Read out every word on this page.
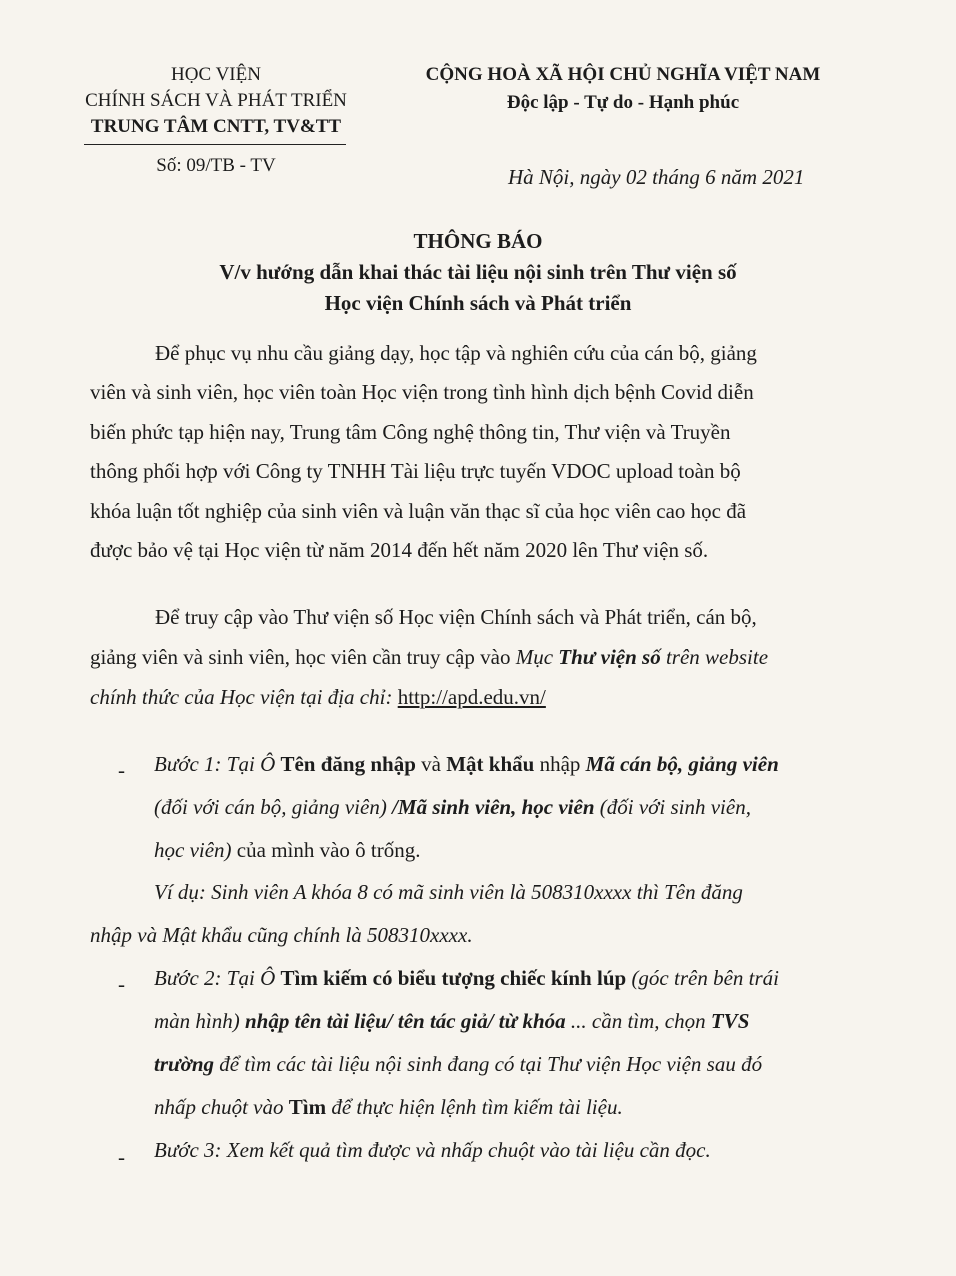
HỌC VIỆN
CHÍNH SÁCH VÀ PHÁT TRIỂN
TRUNG TÂM CNTT, TV&TT
Số: 09/TB - TV
CỘNG HOÀ XÃ HỘI CHỦ NGHĨA VIỆT NAM
Độc lập - Tự do - Hạnh phúc
Hà Nội, ngày 02 tháng 6 năm 2021
THÔNG BÁO
V/v hướng dẫn khai thác tài liệu nội sinh trên Thư viện số
Học viện Chính sách và Phát triển
Để phục vụ nhu cầu giảng dạy, học tập và nghiên cứu của cán bộ, giảng
viên và sinh viên, học viên toàn Học viện trong tình hình dịch bệnh Covid diễn
biến phức tạp hiện nay, Trung tâm Công nghệ thông tin, Thư viện và Truyền
thông phối hợp với Công ty TNHH Tài liệu trực tuyến VDOC upload toàn bộ
khóa luận tốt nghiệp của sinh viên và luận văn thạc sĩ của học viên cao học đã
được bảo vệ tại Học viện từ năm 2014 đến hết năm 2020 lên Thư viện số.
Để truy cập vào Thư viện số Học viện Chính sách và Phát triển, cán bộ,
giảng viên và sinh viên, học viên cần truy cập vào Mục Thư viện số trên website
chính thức của Học viện tại địa chỉ: http://apd.edu.vn/
- Bước 1: Tại Ô Tên đăng nhập và Mật khẩu nhập Mã cán bộ, giảng viên
(đối với cán bộ, giảng viên) /Mã sinh viên, học viên (đối với sinh viên,
học viên) của mình vào ô trống.
Ví dụ: Sinh viên A khóa 8 có mã sinh viên là 508310xxxx thì Tên đăng
nhập và Mật khẩu cũng chính là 508310xxxx.
- Bước 2: Tại Ô Tìm kiếm có biểu tượng chiếc kính lúp (góc trên bên trái
màn hình) nhập tên tài liệu/ tên tác giả/ từ khóa ... cần tìm, chọn TVS
trường để tìm các tài liệu nội sinh đang có tại Thư viện Học viện sau đó
nhấp chuột vào Tìm để thực hiện lệnh tìm kiếm tài liệu.
- Bước 3: Xem kết quả tìm được và nhấp chuột vào tài liệu cần đọc.
